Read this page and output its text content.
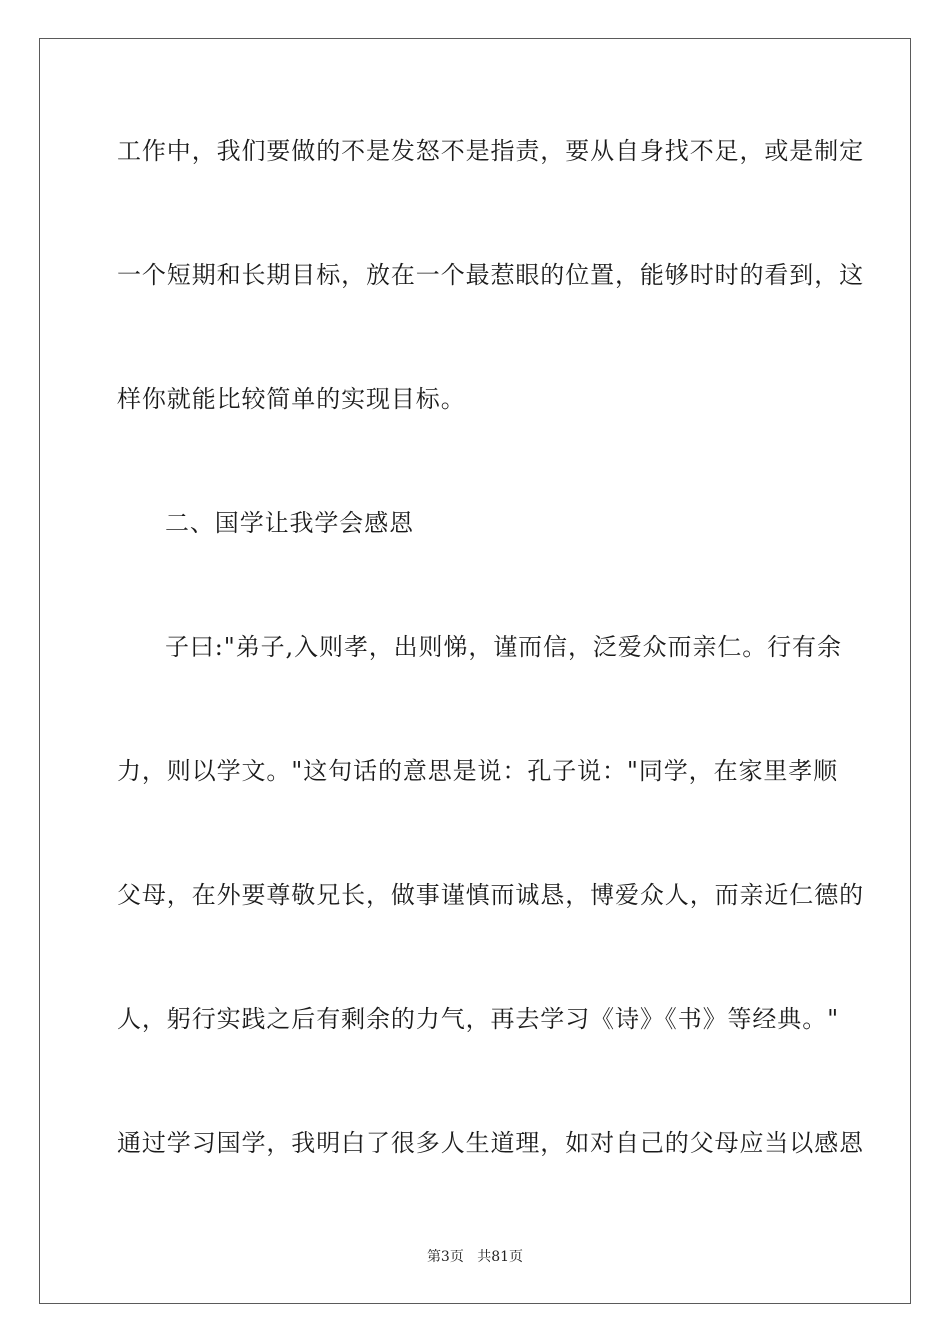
工作中，我们要做的不是发怒不是指责，要从自身找不足，或是制定
一个短期和长期目标，放在一个最惹眼的位置，能够时时的看到，这
样你就能比较简单的实现目标。
二、国学让我学会感恩
子曰:"弟子,入则孝，出则悌，谨而信，泛爱众而亲仁。行有余
力，则以学文。"这句话的意思是说：孔子说："同学，在家里孝顺
父母，在外要尊敬兄长，做事谨慎而诚恳，博爱众人，而亲近仁德的
人，躬行实践之后有剩余的力气，再去学习《诗》《书》等经典。"
通过学习国学，我明白了很多人生道理，如对自己的父母应当以感恩
第3页 共81页
